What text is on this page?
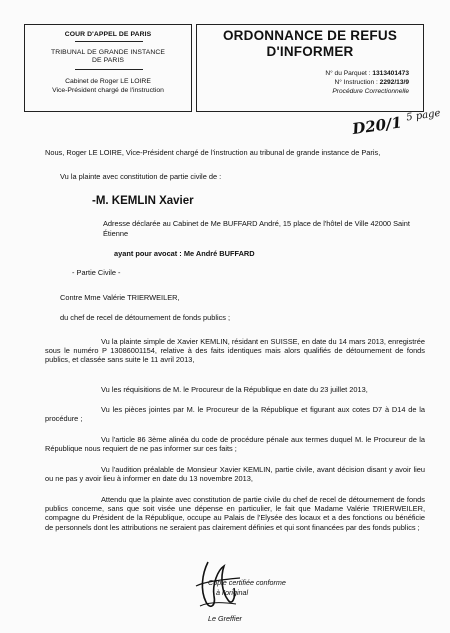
COUR D'APPEL DE PARIS
TRIBUNAL DE GRANDE INSTANCE
DE PARIS
Cabinet de Roger LE LOIRE
Vice-Président chargé de l'instruction
ORDONNANCE DE REFUS
D'INFORMER
N° du Parquet : 1313401473
N° Instruction : 2292/13/9
Procédure Correctionnelle
D20/1 $^{5 page}$
Nous, Roger LE LOIRE, Vice-Président chargé de l'instruction au tribunal de grande instance de Paris,
Vu la plainte avec constitution de partie civile de :
-M. KEMLIN Xavier
Adresse déclarée au Cabinet de Me BUFFARD André, 15 place de l'hôtel de Ville 42000 Saint
Étienne
ayant pour avocat : Me André BUFFARD
- Partie Civile -
Contre Mme Valérie TRIERWEILER,
du chef de recel de détournement de fonds publics ;
Vu la plainte simple de Xavier KEMLIN, résidant en SUISSE, en date du 14 mars 2013, enregistrée sous le numéro P 13086001154, relative à des faits identiques mais alors qualifiés de détournement de fonds publics, et classée sans suite le 11 avril 2013,
Vu les réquisitions de M. le Procureur de la République en date du 23 juillet 2013,
Vu les pièces jointes par M. le Procureur de la République et figurant aux cotes D7 à D14 de la procédure ;
Vu l'article 86 3ème alinéa du code de procédure pénale aux termes duquel M. le Procureur de la République nous requiert de ne pas informer sur ces faits ;
Vu l'audition préalable de Monsieur Xavier KEMLIN, partie civile, avant décision disant y avoir lieu ou ne pas y avoir lieu à informer en date du 13 novembre 2013,
Attendu que la plainte avec constitution de partie civile du chef de recel de détournement de fonds publics concerne, sans que soit visée une dépense en particulier, le fait que Madame Valérie TRIERWEILER, compagne du Président de la République, occupe au Palais de l'Elysée des locaux et a des fonctions ou bénéficie de personnels dont les attributions ne seraient pas clairement définies et qui sont financées par des fonds publics ;
Copie certifiée conforme
à l'original
Le Greffier
